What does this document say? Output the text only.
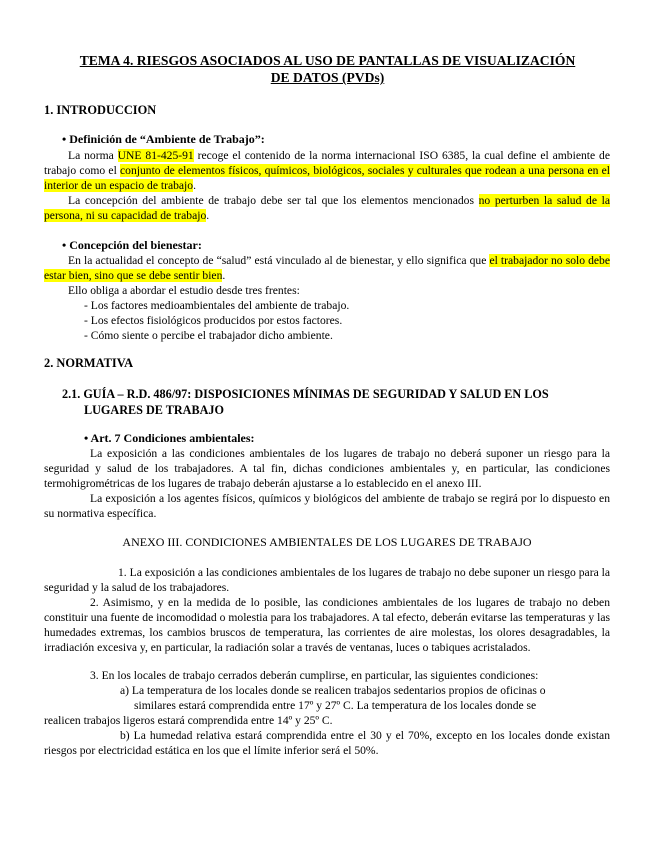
TEMA 4. RIESGOS ASOCIADOS AL USO DE PANTALLAS DE VISUALIZACIÓN
DE DATOS (PVDs)
1. INTRODUCCION
• Definición de “Ambiente de Trabajo”:
La norma UNE 81-425-91 recoge el contenido de la norma internacional ISO 6385, la cual define el ambiente de trabajo como el conjunto de elementos físicos, químicos, biológicos, sociales y culturales que rodean a una persona en el interior de un espacio de trabajo.
La concepción del ambiente de trabajo debe ser tal que los elementos mencionados no perturben la salud de la persona, ni su capacidad de trabajo.
• Concepción del bienestar:
En la actualidad el concepto de “salud” está vinculado al de bienestar, y ello significa que el trabajador no solo debe estar bien, sino que se debe sentir bien.
Ello obliga a abordar el estudio desde tres frentes:
- Los factores medioambientales del ambiente de trabajo.
- Los efectos fisiológicos producidos por estos factores.
- Cómo siente o percibe el trabajador dicho ambiente.
2. NORMATIVA
2.1. GUÍA – R.D. 486/97: DISPOSICIONES MÍNIMAS DE SEGURIDAD Y SALUD EN LOS
LUGARES DE TRABAJO
• Art. 7 Condiciones ambientales:
La exposición a las condiciones ambientales de los lugares de trabajo no deberá suponer un riesgo para la seguridad y salud de los trabajadores. A tal fin, dichas condiciones ambientales y, en particular, las condiciones termohigrométricas de los lugares de trabajo deberán ajustarse a lo establecido en el anexo III.
La exposición a los agentes físicos, químicos y biológicos del ambiente de trabajo se regirá por lo dispuesto en su normativa específica.
ANEXO III. CONDICIONES AMBIENTALES DE LOS LUGARES DE TRABAJO
1. La exposición a las condiciones ambientales de los lugares de trabajo no debe suponer un riesgo para la seguridad y la salud de los trabajadores.
2. Asimismo, y en la medida de lo posible, las condiciones ambientales de los lugares de trabajo no deben constituir una fuente de incomodidad o molestia para los trabajadores. A tal efecto, deberán evitarse las temperaturas y las humedades extremas, los cambios bruscos de temperatura, las corrientes de aire molestas, los olores desagradables, la irradiación excesiva y, en particular, la radiación solar a través de ventanas, luces o tabiques acristalados.
3. En los locales de trabajo cerrados deberán cumplirse, en particular, las siguientes condiciones:
a) La temperatura de los locales donde se realicen trabajos sedentarios propios de oficinas o
similares estará comprendida entre 17º y 27º C. La temperatura de los locales donde se
realicen trabajos ligeros estará comprendida entre 14º y 25º C.
b) La humedad relativa estará comprendida entre el 30 y el 70%, excepto en los locales donde existan riesgos por electricidad estática en los que el límite inferior será el 50%.
